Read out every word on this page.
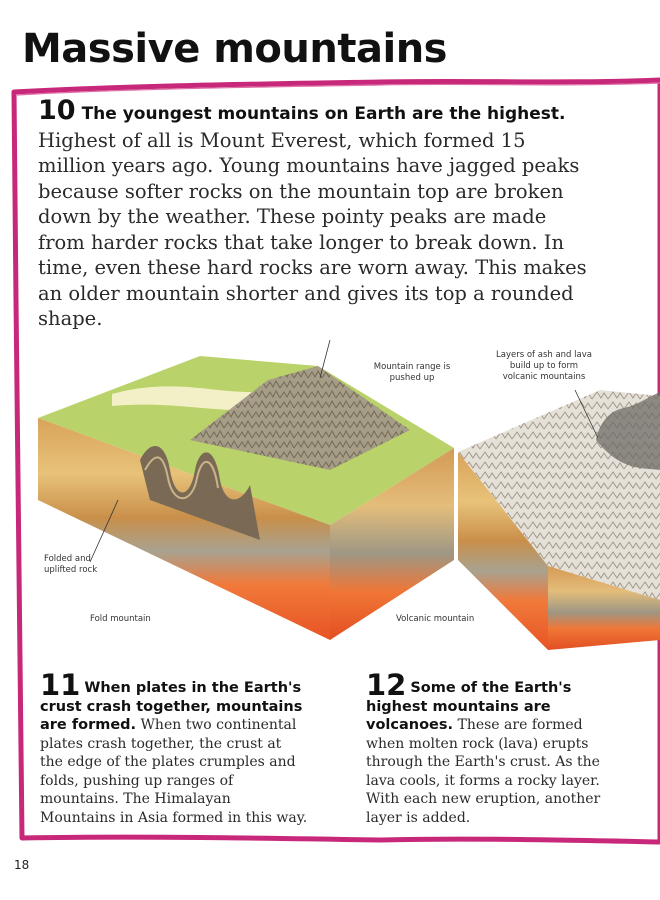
Massive mountains
10 The youngest mountains on Earth are the highest. Highest of all is Mount Everest, which formed 15 million years ago. Young mountains have jagged peaks because softer rocks on the mountain top are broken down by the weather. These pointy peaks are made from harder rocks that take longer to break down. In time, even these hard rocks are worn away. This makes an older mountain shorter and gives its top a rounded shape.
Mountain range is pushed up
Layers of ash and lava build up to form volcanic mountains
Folded and uplifted rock
Fold mountain	Volcanic mountain
11 When plates in the Earth's crust crash together, mountains are formed. When two continental plates crash together, the crust at the edge of the plates crumples and folds, pushing up ranges of mountains. The Himalayan Mountains in Asia formed in this way.
12 Some of the Earth's highest mountains are volcanoes. These are formed when molten rock (lava) erupts through the Earth's crust. As the lava cools, it forms a rocky layer. With each new eruption, another layer is added.
18
